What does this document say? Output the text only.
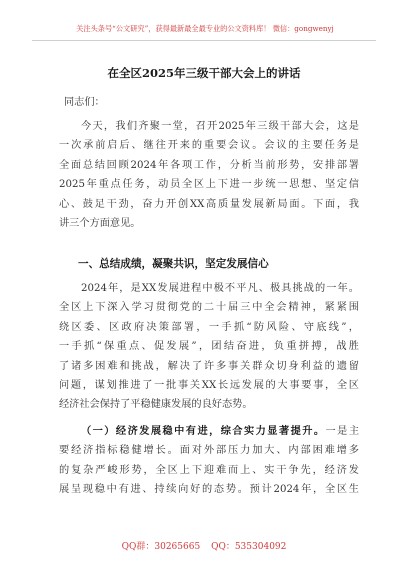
关注头条号“公文研究”，获得最新最全最专业的公文资料库！ 微信：gongwenyj
在全区2025年三级干部大会上的讲话
同志们：
今天，我们齐聚一堂，召开2025年三级干部大会，这是
一次承前启后、继往开来的重要会议。会议的主要任务是
全面总结回顾2024年各项工作，分析当前形势，安排部署
2025年重点任务，动员全区上下进一步统一思想、坚定信
心、鼓足干劲，奋力开创XX高质量发展新局面。下面，我
讲三个方面意见。
一、总结成绩，凝聚共识，坚定发展信心
2024年，是XX发展进程中极不平凡、极具挑战的一年。
全区上下深入学习贯彻党的二十届三中全会精神，紧紧围
绕区委、区政府决策部署，一手抓“防风险、守底线”，
一手抓“保重点、促发展”，团结奋进，负重拼搏，战胜
了诸多困难和挑战，解决了许多事关群众切身利益的遗留
问题，谋划推进了一批事关XX长远发展的大事要事，全区
经济社会保持了平稳健康发展的良好态势。
（一）经济发展稳中有进，综合实力显著提升。一是主
要经济指标稳健增长。面对外部压力加大、内部困难增多
的复杂严峻形势，全区上下迎难而上、实干争先，经济发
展呈现稳中有进、持续向好的态势。预计2024年，全区生
QQ群：30265665 QQ：535304092
